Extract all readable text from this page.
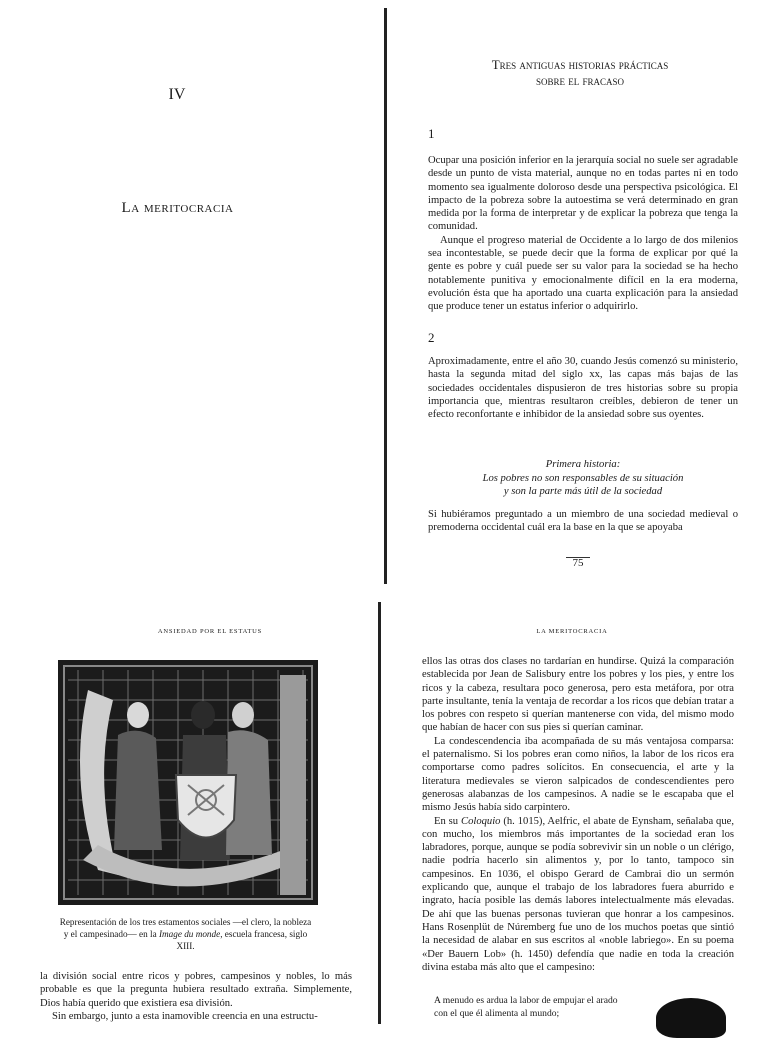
IV
La meritocracia
Tres antiguas historias prácticas
sobre el fracaso
1

Ocupar una posición inferior en la jerarquía social no suele ser agradable desde un punto de vista material, aunque no en todas partes ni en todo momento sea igualmente doloroso desde una perspectiva psicológica. El impacto de la pobreza sobre la autoestima se verá determinado en gran medida por la forma de interpretar y de explicar la pobreza que tenga la comunidad.

Aunque el progreso material de Occidente a lo largo de dos milenios sea incontestable, se puede decir que la forma de explicar por qué la gente es pobre y cuál puede ser su valor para la sociedad se ha hecho notablemente punitiva y emocionalmente difícil en la era moderna, evolución ésta que ha aportado una cuarta explicación para la ansiedad que produce tener un estatus inferior o adquirirlo.

2

Aproximadamente, entre el año 30, cuando Jesús comenzó su ministerio, hasta la segunda mitad del siglo xx, las capas más bajas de las sociedades occidentales dispusieron de tres historias sobre su propia importancia que, mientras resultaron creíbles, debieron de tener un efecto reconfortante e inhibidor de la ansiedad sobre sus oyentes.

Primera historia:
Los pobres no son responsables de su situación
y son la parte más útil de la sociedad

Si hubiéramos preguntado a un miembro de una sociedad medieval o premoderna occidental cuál era la base en la que se apoyaba

75
ANSIEDAD POR EL ESTATUS
Representación de los tres estamentos sociales —el clero, la nobleza y el campesinado— en la Image du monde, escuela francesa, siglo XIII.

la división social entre ricos y pobres, campesinos y nobles, lo más probable es que la pregunta hubiera resultado extraña. Simplemente, Dios había querido que existiera esa división.

Sin embargo, junto a esta inamovible creencia en una estructu-

LA MERITOCRACIA

ellos las otras dos clases no tardarían en hundirse. Quizá la comparación establecida por Jean de Salisbury entre los pobres y los pies, y entre los ricos y la cabeza, resultara poco generosa, pero esta metáfora, por otra parte insultante, tenía la ventaja de recordar a los ricos que debían tratar a los pobres con respeto si querían mantenerse con vida, del mismo modo que habían de hacer con sus pies si querían caminar.

La condescendencia iba acompañada de su más ventajosa comparsa: el paternalismo. Si los pobres eran como niños, la labor de los ricos era comportarse como padres solícitos. En consecuencia, el arte y la literatura medievales se vieron salpicados de condescendientes pero generosas alabanzas de los campesinos. A nadie se le escapaba que el mismo Jesús había sido carpintero.

En su Coloquio (h. 1015), Aelfric, el abate de Eynsham, señalaba que, con mucho, los miembros más importantes de la sociedad eran los labradores, porque, aunque se podía sobrevivir sin un noble o un clérigo, nadie podría hacerlo sin alimentos y, por lo tanto, tampoco sin campesinos. En 1036, el obispo Gerard de Cambrai dio un sermón explicando que, aunque el trabajo de los labradores fuera aburrido e ingrato, hacía posible las demás labores intelectualmente más elevadas. De ahí que las buenas personas tuvieran que honrar a los campesinos. Hans Rosenplüt de Núremberg fue uno de los muchos poetas que sintió la necesidad de alabar en sus escritos al «noble labriego». En su poema «Der Bauern Lob» (h. 1450) defendía que nadie en toda la creación divina estaba más alto que el campesino:

A menudo es ardua la labor de empujar el arado
con el que él alimenta al mundo;
